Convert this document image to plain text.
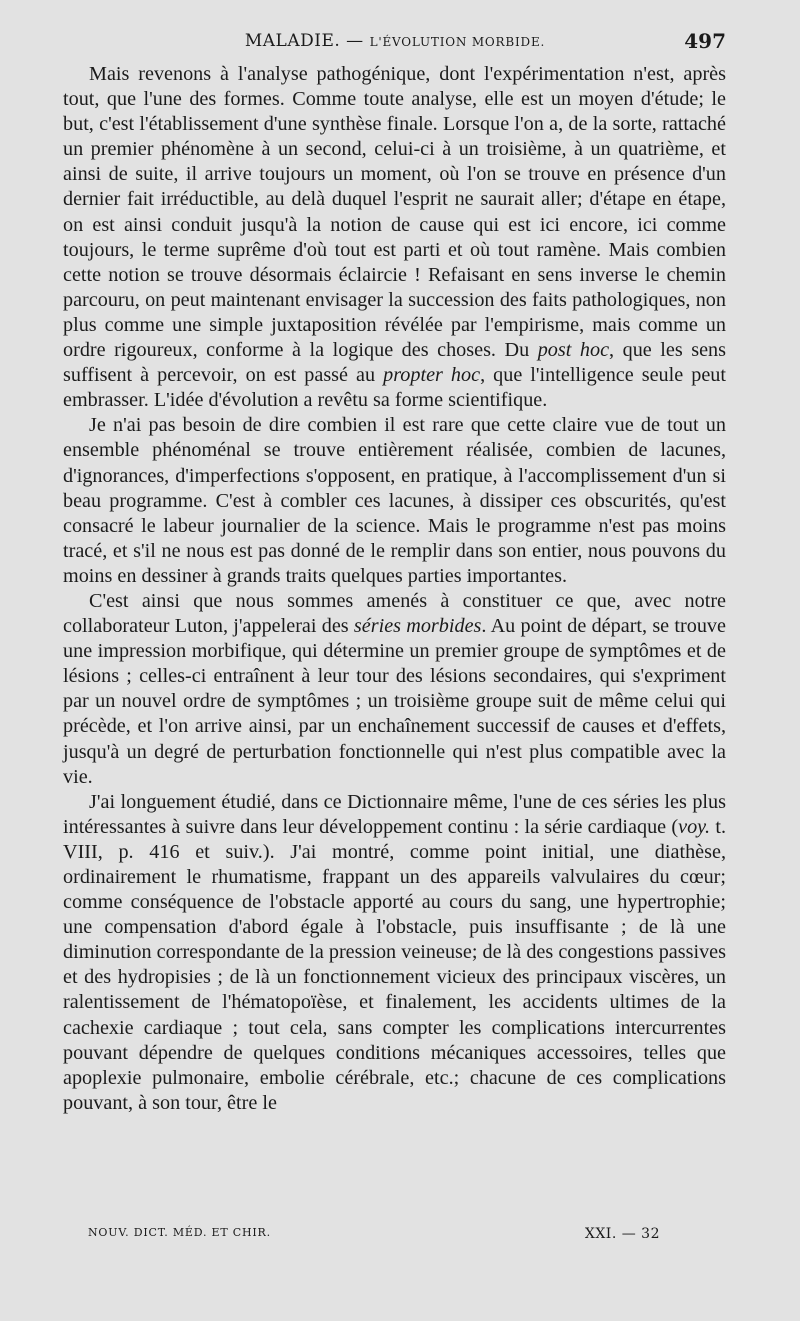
MALADIE. — L'ÉVOLUTION MORBIDE.	497

Mais revenons à l'analyse pathogénique, dont l'expérimentation n'est, après tout, que l'une des formes. Comme toute analyse, elle est un moyen d'étude; le but, c'est l'établissement d'une synthèse finale. Lorsque l'on a, de la sorte, rattaché un premier phénomène à un second, celui-ci à un troisième, à un quatrième, et ainsi de suite, il arrive toujours un moment, où l'on se trouve en présence d'un dernier fait irréductible, au delà duquel l'esprit ne saurait aller; d'étape en étape, on est ainsi conduit jusqu'à la notion de cause qui est ici encore, ici comme toujours, le terme suprême d'où tout est parti et où tout ramène. Mais combien cette notion se trouve désormais éclaircie ! Refaisant en sens inverse le chemin parcouru, on peut maintenant envisager la succession des faits pathologiques, non plus comme une simple juxtaposition révélée par l'empirisme, mais comme un ordre rigoureux, conforme à la logique des choses. Du post hoc, que les sens suffisent à percevoir, on est passé au propter hoc, que l'intelligence seule peut embrasser. L'idée d'évolution a revêtu sa forme scientifique.

Je n'ai pas besoin de dire combien il est rare que cette claire vue de tout un ensemble phénoménal se trouve entièrement réalisée, combien de lacunes, d'ignorances, d'imperfections s'opposent, en pratique, à l'accomplissement d'un si beau programme. C'est à combler ces lacunes, à dissiper ces obscurités, qu'est consacré le labeur journalier de la science. Mais le programme n'est pas moins tracé, et s'il ne nous est pas donné de le remplir dans son entier, nous pouvons du moins en dessiner à grands traits quelques parties importantes.

C'est ainsi que nous sommes amenés à constituer ce que, avec notre collaborateur Luton, j'appelerai des séries morbides. Au point de départ, se trouve une impression morbifique, qui détermine un premier groupe de symptômes et de lésions ; celles-ci entraînent à leur tour des lésions secondaires, qui s'expriment par un nouvel ordre de symptômes ; un troisième groupe suit de même celui qui précède, et l'on arrive ainsi, par un enchaînement successif de causes et d'effets, jusqu'à un degré de perturbation fonctionnelle qui n'est plus compatible avec la vie.

J'ai longuement étudié, dans ce Dictionnaire même, l'une de ces séries les plus intéressantes à suivre dans leur développement continu : la série cardiaque (voy. t. VIII, p. 416 et suiv.). J'ai montré, comme point initial, une diathèse, ordinairement le rhumatisme, frappant un des appareils valvulaires du cœur; comme conséquence de l'obstacle apporté au cours du sang, une hypertrophie; une compensation d'abord égale à l'obstacle, puis insuffisante ; de là une diminution correspondante de la pression veineuse; de là des congestions passives et des hydropisies ; de là un fonctionnement vicieux des principaux viscères, un ralentissement de l'hématopoïèse, et finalement, les accidents ultimes de la cachexie cardiaque ; tout cela, sans compter les complications intercurrentes pouvant dépendre de quelques conditions mécaniques accessoires, telles que apoplexie pulmonaire, embolie cérébrale, etc.; chacune de ces complications pouvant, à son tour, être le

NOUV. DICT. MÉD. ET CHIR.	XXI. — 32
